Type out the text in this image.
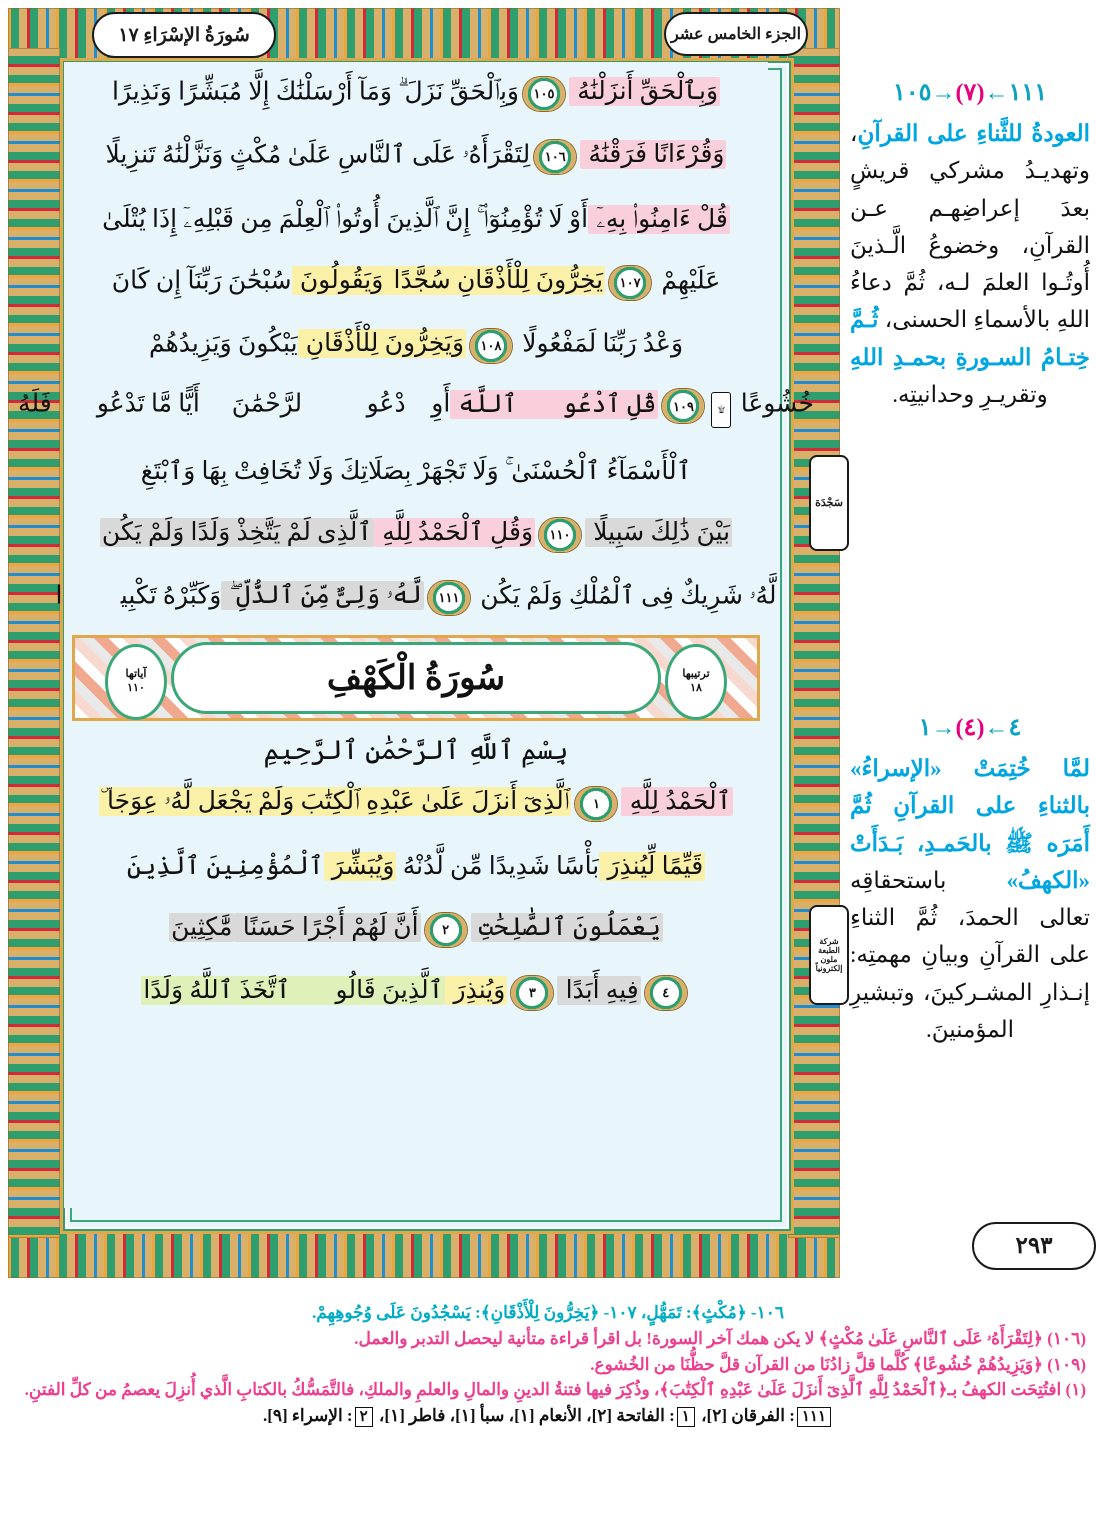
سُورَةُ الإسْرَاءِ ١٧	الجزء الخامس عشر
٢٩٣
سَجْدَة
شركة الطبعة ملون إلكترونياً
وَبِٱلْحَقِّ أَنزَلْنَٰهُ ١٠٥وَبِٱلْحَقِّ نَزَلَ ۗ وَمَآ أَرْسَلْنَٰكَ إِلَّا مُبَشِّرًا وَنَذِيرًا
وَقُرْءَانًا فَرَقْنَٰهُ ١٠٦لِتَقْرَأَهُۥ عَلَى ٱلنَّاسِ عَلَىٰ مُكْثٍ وَنَزَّلْنَٰهُ تَنزِيلًا
قُلْ ءَامِنُوا۟ بِهِۦٓ أَوْ لَا تُؤْمِنُوٓا۟ ۚ إِنَّ ٱلَّذِينَ أُوتُوا۟ ٱلْعِلْمَ مِن قَبْلِهِۦٓ إِذَا يُتْلَىٰ
عَلَيْهِمْ ١٠٧يَخِرُّونَ لِلْأَذْقَانِ سُجَّدًا وَيَقُولُونَ سُبْحَٰنَ رَبِّنَآ إِن كَانَ
وَعْدُ رَبِّنَا لَمَفْعُولًا ١٠٨وَيَخِرُّونَ لِلْأَذْقَانِ يَبْكُونَ وَيَزِيدُهُمْ
خُشُوعًا ۩١٠٩قُلِ ٱدْعُوا۟ ٱللَّهَ أَوِ ٱدْعُوا۟ ٱلرَّحْمَٰنَ ۖ أَيًّا مَّا تَدْعُوا۟ فَلَهُ
ٱلْأَسْمَآءُ ٱلْحُسْنَىٰ ۚ وَلَا تَجْهَرْ بِصَلَاتِكَ وَلَا تُخَافِتْ بِهَا وَٱبْتَغِ
بَيْنَ ذَٰلِكَ سَبِيلًا ١١٠وَقُلِ ٱلْحَمْدُ لِلَّهِ ٱلَّذِى لَمْ يَتَّخِذْ وَلَدًا وَلَمْ يَكُن
لَّهُۥ شَرِيكٌ فِى ٱلْمُلْكِ وَلَمْ يَكُن ١١١لَّهُۥ وَلِىٌّ مِّنَ ٱلذُّلِّ ۖ وَكَبِّرْهُ تَكْبِيرًۢا
ترتيبها
١٨
سُورَةُ الْكَهْفِ
آياتها
١١٠
بِسْمِ ٱللَّهِ ٱلرَّحْمَٰنِ ٱلرَّحِيمِ
ٱلْحَمْدُ لِلَّهِ ١ٱلَّذِىٓ أَنزَلَ عَلَىٰ عَبْدِهِ ٱلْكِتَٰبَ وَلَمْ يَجْعَل لَّهُۥ عِوَجَا ۜ
قَيِّمًا لِّيُنذِرَ بَأْسًا شَدِيدًا مِّن لَّدُنْهُ وَيُبَشِّرَ ٱلْمُؤْمِنِينَ ٱلَّذِينَ
يَعْمَلُونَ ٱلصَّٰلِحَٰتِ ٢أَنَّ لَهُمْ أَجْرًا حَسَنًا مَّٰكِثِينَ
٤فِيهِ أَبَدًا ٣وَيُنذِرَ ٱلَّذِينَ قَالُوا۟ ٱتَّخَذَ ٱللَّهُ وَلَدًا
١١١←(٧)→١٠٥
العودةُ للثَّناءِ على القرآنِ، وتهديـدُ مشركي قريشٍ بعدَ إعراضِهـم عـن القرآنِ، وخضوعُ الَّـذينَ أُوتُـوا العلمَ لـه، ثُمَّ دعاءُ اللهِ بالأسماءِ الحسنى، ثُـمَّ خِتـامُ السـورةِ بحمـدِ اللهِ وتقريـرِ وحدانيتِه.
٤←(٤)→١
لمَّا خُتِمَتْ «الإسراءُ» بالثناءِ على القرآنِ ثُمَّ أَمَرَه ﷺ بالحَمـدِ، بَـدَأَتْ «الكهفُ» باستحقاقِه تعالى الحمدَ، ثُمَّ الثناءِ على القرآنِ وبيانِ مهمتِه: إنـذارِ المشـركينَ، وتبشيرِ المؤمنينَ.
١٠٦- ﴿مُكْثٍ﴾: تَمَهُّلٍ، ١٠٧- ﴿يَخِرُّونَ لِلْأَذْقَانِ﴾: يَسْجُدُونَ عَلَى وُجُوهِهِمْ.
(١٠٦) ﴿لِتَقْرَأَهُۥ عَلَى ٱلنَّاسِ عَلَىٰ مُكْثٍ﴾ لا يكن همك آخر السورة! بل اقرأ قراءة متأنية ليحصل التدبر والعمل.
(١٠٩) ﴿وَيَزِيدُهُمْ خُشُوعًا﴾ كُلَّما قلَّ زادُنَا من القرآن قلَّ حظُّنَا من الخُشوع.
(١) افتُتِحَت الكهفُ بـ﴿ٱلْحَمْدُ لِلَّهِ ٱلَّذِىٓ أَنزَلَ عَلَىٰ عَبْدِهِ ٱلْكِتَٰبَ﴾، وذُكِرَ فيها فتنةُ الدينِ والمالِ والعلمِ والملكِ، فالتَّمَسُّكُ بالكتابِ الَّذي أُنزِلَ يعصمُ من كلِّ الفتنِ.
١١١: الفرقان [٢]، ١: الفاتحة [٢]، الأنعام [١]، سبأ [١]، فاطر [١]، ٢: الإسراء [٩].
